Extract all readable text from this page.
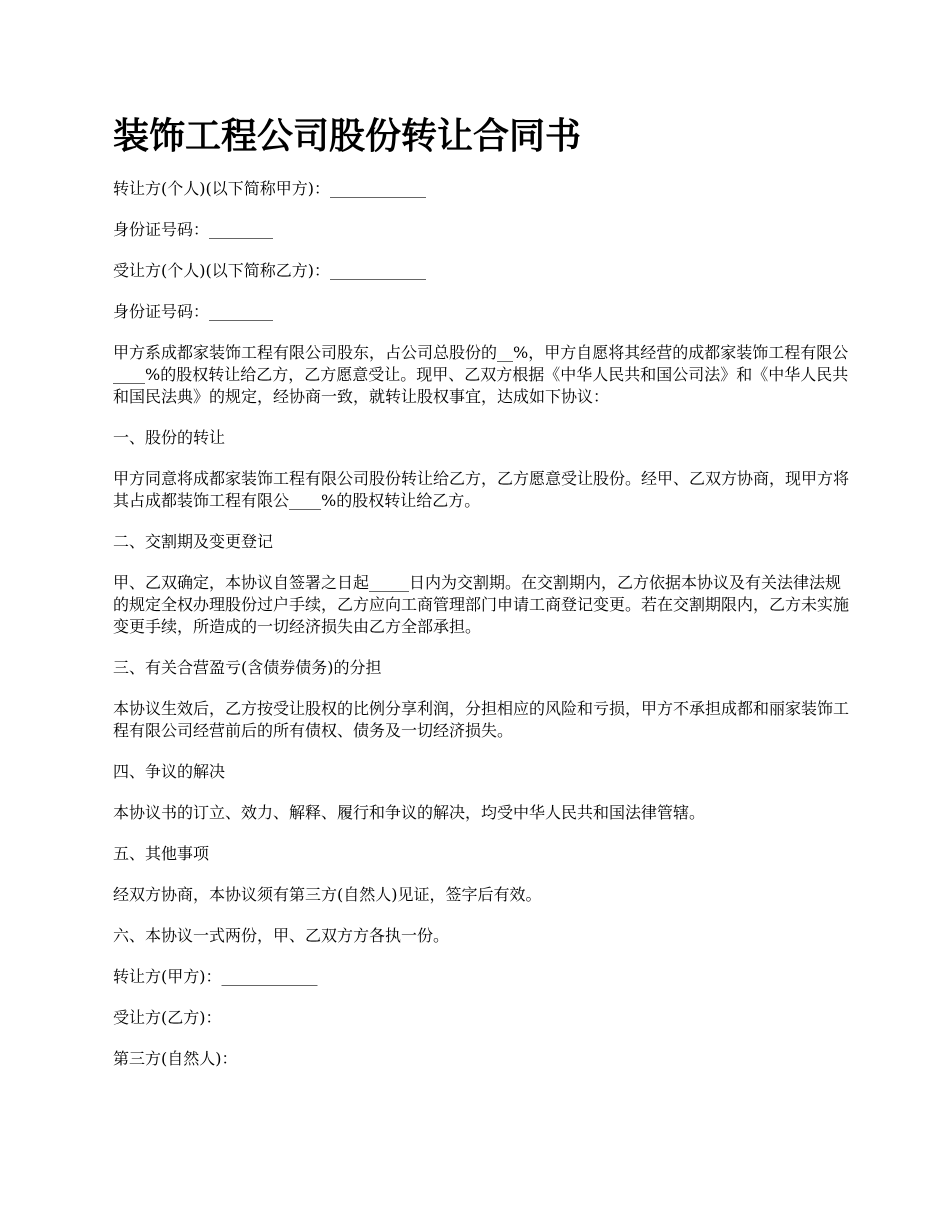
装饰工程公司股份转让合同书

转让方(个人)(以下简称甲方)：____________

身份证号码：________

受让方(个人)(以下简称乙方)：____________

身份证号码：________

甲方系成都家装饰工程有限公司股东，占公司总股份的__%，甲方自愿将其经营的成都家装饰工程有限公____%的股权转让给乙方，乙方愿意受让。现甲、乙双方根据《中华人民共和国公司法》和《中华人民共和国民法典》的规定，经协商一致，就转让股权事宜，达成如下协议：

一、股份的转让

甲方同意将成都家装饰工程有限公司股份转让给乙方，乙方愿意受让股份。经甲、乙双方协商，现甲方将其占成都装饰工程有限公____%的股权转让给乙方。

二、交割期及变更登记

甲、乙双确定，本协议自签署之日起_____日内为交割期。在交割期内，乙方依据本协议及有关法律法规的规定全权办理股份过户手续，乙方应向工商管理部门申请工商登记变更。若在交割期限内，乙方未实施变更手续，所造成的一切经济损失由乙方全部承担。

三、有关合营盈亏(含债券债务)的分担

本协议生效后，乙方按受让股权的比例分享利润，分担相应的风险和亏损，甲方不承担成都和丽家装饰工程有限公司经营前后的所有债权、债务及一切经济损失。

四、争议的解决

本协议书的订立、效力、解释、履行和争议的解决，均受中华人民共和国法律管辖。

五、其他事项

经双方协商，本协议须有第三方(自然人)见证，签字后有效。

六、本协议一式两份，甲、乙双方方各执一份。

转让方(甲方)：____________

受让方(乙方)：

第三方(自然人)：
